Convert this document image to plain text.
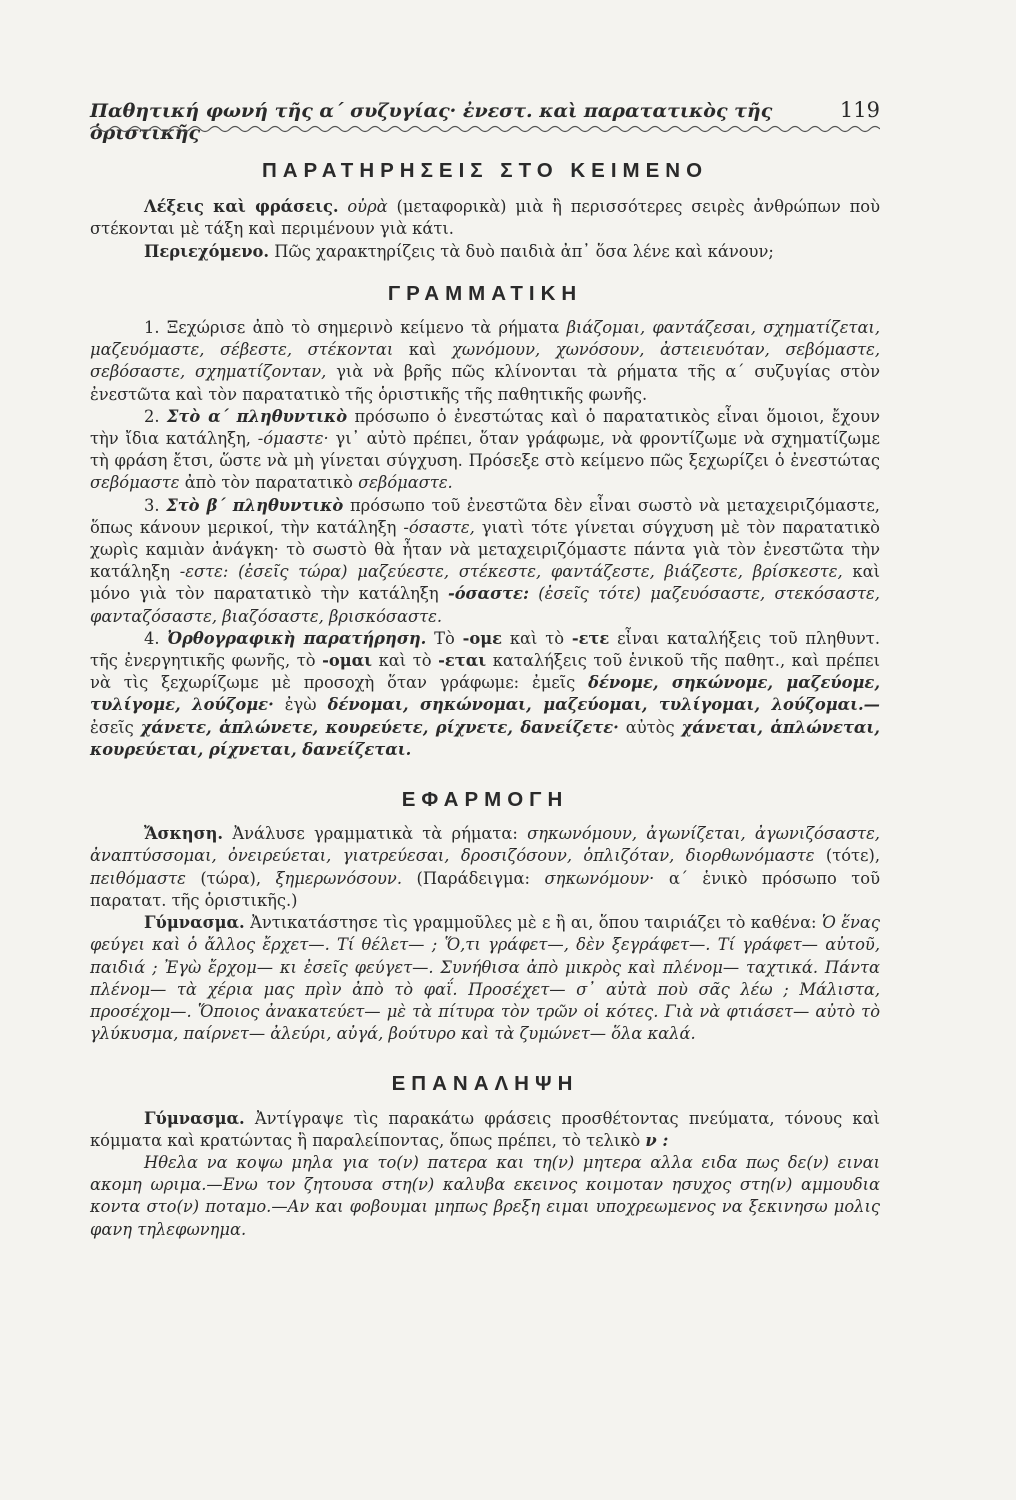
Παθητική φωνή τῆς α΄ συζυγίας· ἐνεστ. καὶ παρατατικὸς τῆς ὁριστικῆς
119
ΠΑΡΑΤΗΡΗΣΕΙΣ ΣΤΟ ΚΕΙΜΕΝΟ

Λέξεις καὶ φράσεις. οὐρὰ (μεταφορικὰ) μιὰ ἢ περισσότερες σειρὲς ἀνθρώπων ποὺ στέκονται μὲ τάξη καὶ περιμένουν γιὰ κάτι.

Περιεχόμενο. Πῶς χαρακτηρίζεις τὰ δυὸ παιδιὰ ἀπ᾿ ὅσα λένε καὶ κάνουν;

ΓΡΑΜΜΑΤΙΚΗ

1. Ξεχώρισε ἀπὸ τὸ σημερινὸ κείμενο τὰ ρήματα βιάζομαι, φαντάζεσαι, σχηματίζεται, μαζευόμαστε, σέβεστε, στέκονται καὶ χωνόμουν, χωνόσουν, ἀστειευόταν, σεβόμαστε, σεβόσαστε, σχηματίζονταν, γιὰ νὰ βρῆς πῶς κλίνονται τὰ ρήματα τῆς α΄ συζυγίας στὸν ἐνεστῶτα καὶ τὸν παρατατικὸ τῆς ὁριστικῆς τῆς παθητικῆς φωνῆς.

2. Στὸ α΄ πληθυντικὸ πρόσωπο ὁ ἐνεστώτας καὶ ὁ παρατατικὸς εἶναι ὅμοιοι, ἔχουν τὴν ἴδια κατάληξη, -όμαστε· γι᾿ αὐτὸ πρέπει, ὅταν γράφωμε, νὰ φροντίζωμε νὰ σχηματίζωμε τὴ φράση ἔτσι, ὥστε νὰ μὴ γίνεται σύγχυση. Πρόσεξε στὸ κείμενο πῶς ξεχωρίζει ὁ ἐνεστώτας σεβόμαστε ἀπὸ τὸν παρατατικὸ σεβόμαστε.

3. Στὸ β΄ πληθυντικὸ πρόσωπο τοῦ ἐνεστῶτα δὲν εἶναι σωστὸ νὰ μεταχειριζόμαστε, ὅπως κάνουν μερικοί, τὴν κατάληξη -όσαστε, γιατὶ τότε γίνεται σύγχυση μὲ τὸν παρατατικὸ χωρὶς καμιὰν ἀνάγκη· τὸ σωστὸ θὰ ἦταν νὰ μεταχειριζόμαστε πάντα γιὰ τὸν ἐνεστῶτα τὴν κατάληξη -εστε: (ἐσεῖς τώρα) μαζεύεστε, στέκεστε, φαντάζεστε, βιάζεστε, βρίσκεστε, καὶ μόνο γιὰ τὸν παρατατικὸ τὴν κατάληξη -όσαστε: (ἐσεῖς τότε) μαζευόσαστε, στεκόσαστε, φανταζόσαστε, βιαζόσαστε, βρισκόσαστε.

4. Ὀρθογραφικὴ παρατήρηση. Τὸ -ομε καὶ τὸ -ετε εἶναι καταλήξεις τοῦ πληθυντ. τῆς ἐνεργητικῆς φωνῆς, τὸ -ομαι καὶ τὸ -εται καταλήξεις τοῦ ἑνικοῦ τῆς παθητ., καὶ πρέπει νὰ τὶς ξεχωρίζωμε μὲ προσοχὴ ὅταν γράφωμε: ἐμεῖς δένομε, σηκώνομε, μαζεύομε, τυλίγομε, λούζομε· ἐγὼ δένομαι, σηκώνομαι, μαζεύομαι, τυλίγομαι, λούζομαι.— ἐσεῖς χάνετε, ἁπλώνετε, κουρεύετε, ρίχνετε, δανείζετε· αὐτὸς χάνεται, ἁπλώνεται, κουρεύεται, ρίχνεται, δανείζεται.

ΕΦΑΡΜΟΓΗ

Ἄσκηση. Ἀνάλυσε γραμματικὰ τὰ ρήματα: σηκωνόμουν, ἀγωνίζεται, ἀγωνιζόσαστε, ἀναπτύσσομαι, ὀνειρεύεται, γιατρεύεσαι, δροσιζόσουν, ὁπλιζόταν, διορθωνόμαστε (τότε), πειθόμαστε (τώρα), ξημερωνόσουν. (Παράδειγμα: σηκωνόμουν· α΄ ἑνικὸ πρόσωπο τοῦ παρατατ. τῆς ὁριστικῆς.)

Γύμνασμα. Ἀντικατάστησε τὶς γραμμοῦλες μὲ ε ἢ αι, ὅπου ταιριάζει τὸ καθένα: Ὁ ἕνας φεύγει καὶ ὁ ἄλλος ἔρχετ—. Τί θέλετ— ; Ὅ,τι γράφετ—, δὲν ξεγράφετ—. Τί γράφετ— αὐτοῦ, παιδιά ; Ἐγὼ ἔρχομ— κι ἐσεῖς φεύγετ—. Συνήθισα ἀπὸ μικρὸς καὶ πλένομ— ταχτικά. Πάντα πλένομ— τὰ χέρια μας πρὶν ἀπὸ τὸ φαΐ. Προσέχετ— σ᾿ αὐτὰ ποὺ σᾶς λέω ; Μάλιστα, προσέχομ—. Ὅποιος ἀνακατεύετ— μὲ τὰ πίτυρα τὸν τρῶν οἱ κότες. Γιὰ νὰ φτιάσετ— αὐτὸ τὸ γλύκυσμα, παίρνετ— ἀλεύρι, αὐγά, βούτυρο καὶ τὰ ζυμώνετ— ὅλα καλά.

ΕΠΑΝΑΛΗΨΗ

Γύμνασμα. Ἀντίγραψε τὶς παρακάτω φράσεις προσθέτοντας πνεύματα, τόνους καὶ κόμματα καὶ κρατώντας ἢ παραλείποντας, ὅπως πρέπει, τὸ τελικὸ ν :

Ηθελα να κοψω μηλα για το(ν) πατερα και τη(ν) μητερα αλλα ειδα πως δε(ν) ειναι ακομη ωριμα.—Ενω τον ζητουσα στη(ν) καλυβα εκεινος κοιμοταν ησυχος στη(ν) αμμουδια κοντα στο(ν) ποταμο.—Αν και φοβουμαι μηπως βρεξη ειμαι υποχρεωμενος να ξεκινησω μολις φανη τηλεφωνημα.
